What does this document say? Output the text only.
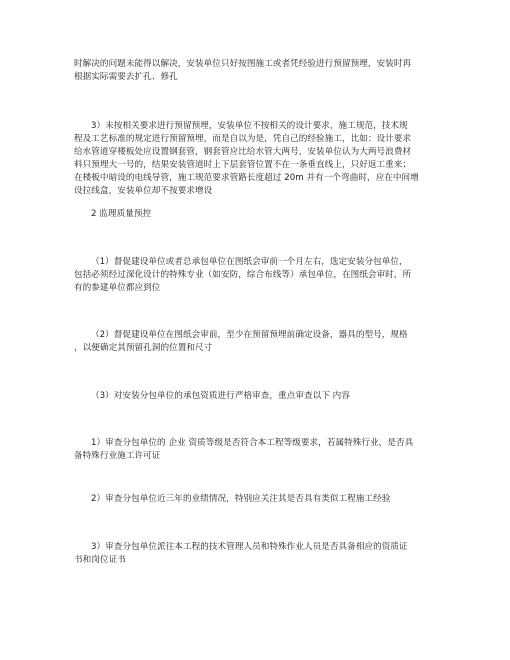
时解决的问题未能得以解决，安装单位只好按图施工或者凭经验进行预留预埋，安装时再
根据实际需要去扩孔、修孔
3）未按相关要求进行预留预埋，安装单位不按相关的设计要求，施工规范，技术规
程及工艺标准的规定进行预留预埋，而是自以为是，凭自己的经验施工，比如：设计要求
给水管道穿楼板处应设置钢套管，钢套管应比给水管大两号，安装单位认为大两号浪费材
料只预埋大一号的，结果安装管道时上下层套管位置不在一条垂直线上，只好返工重来；
在楼板中暗设的电线导管，施工规范要求管路长度超过 20m 并有一个弯曲时，应在中间增
设拉线盒，安装单位却不按要求增设
2 监理质量预控
（1）督促建设单位或者总承包单位在图纸会审前一个月左右，选定安装分包单位，
包括必须经过深化设计的特殊专业（如安防，综合布线等）承包单位，在图纸会审时，所
有的参建单位都应到位
（2）督促建设单位在图纸会审前，至少在预留预埋前确定设备，器具的型号，规格
，以便确定其预留孔洞的位置和尺寸
（3）对安装分包单位的承包资质进行严格审查，重点审查以下 内容
1）审查分包单位的 企业 资质等级是否符合本工程等级要求，若属特殊行业，是否具
备特殊行业施工许可证
2）审查分包单位近三年的业绩情况，特别应关注其是否具有类似工程施工经验
3）审查分包单位派往本工程的技术管理人员和特殊作业人员是否具备相应的资质证
书和岗位证书
